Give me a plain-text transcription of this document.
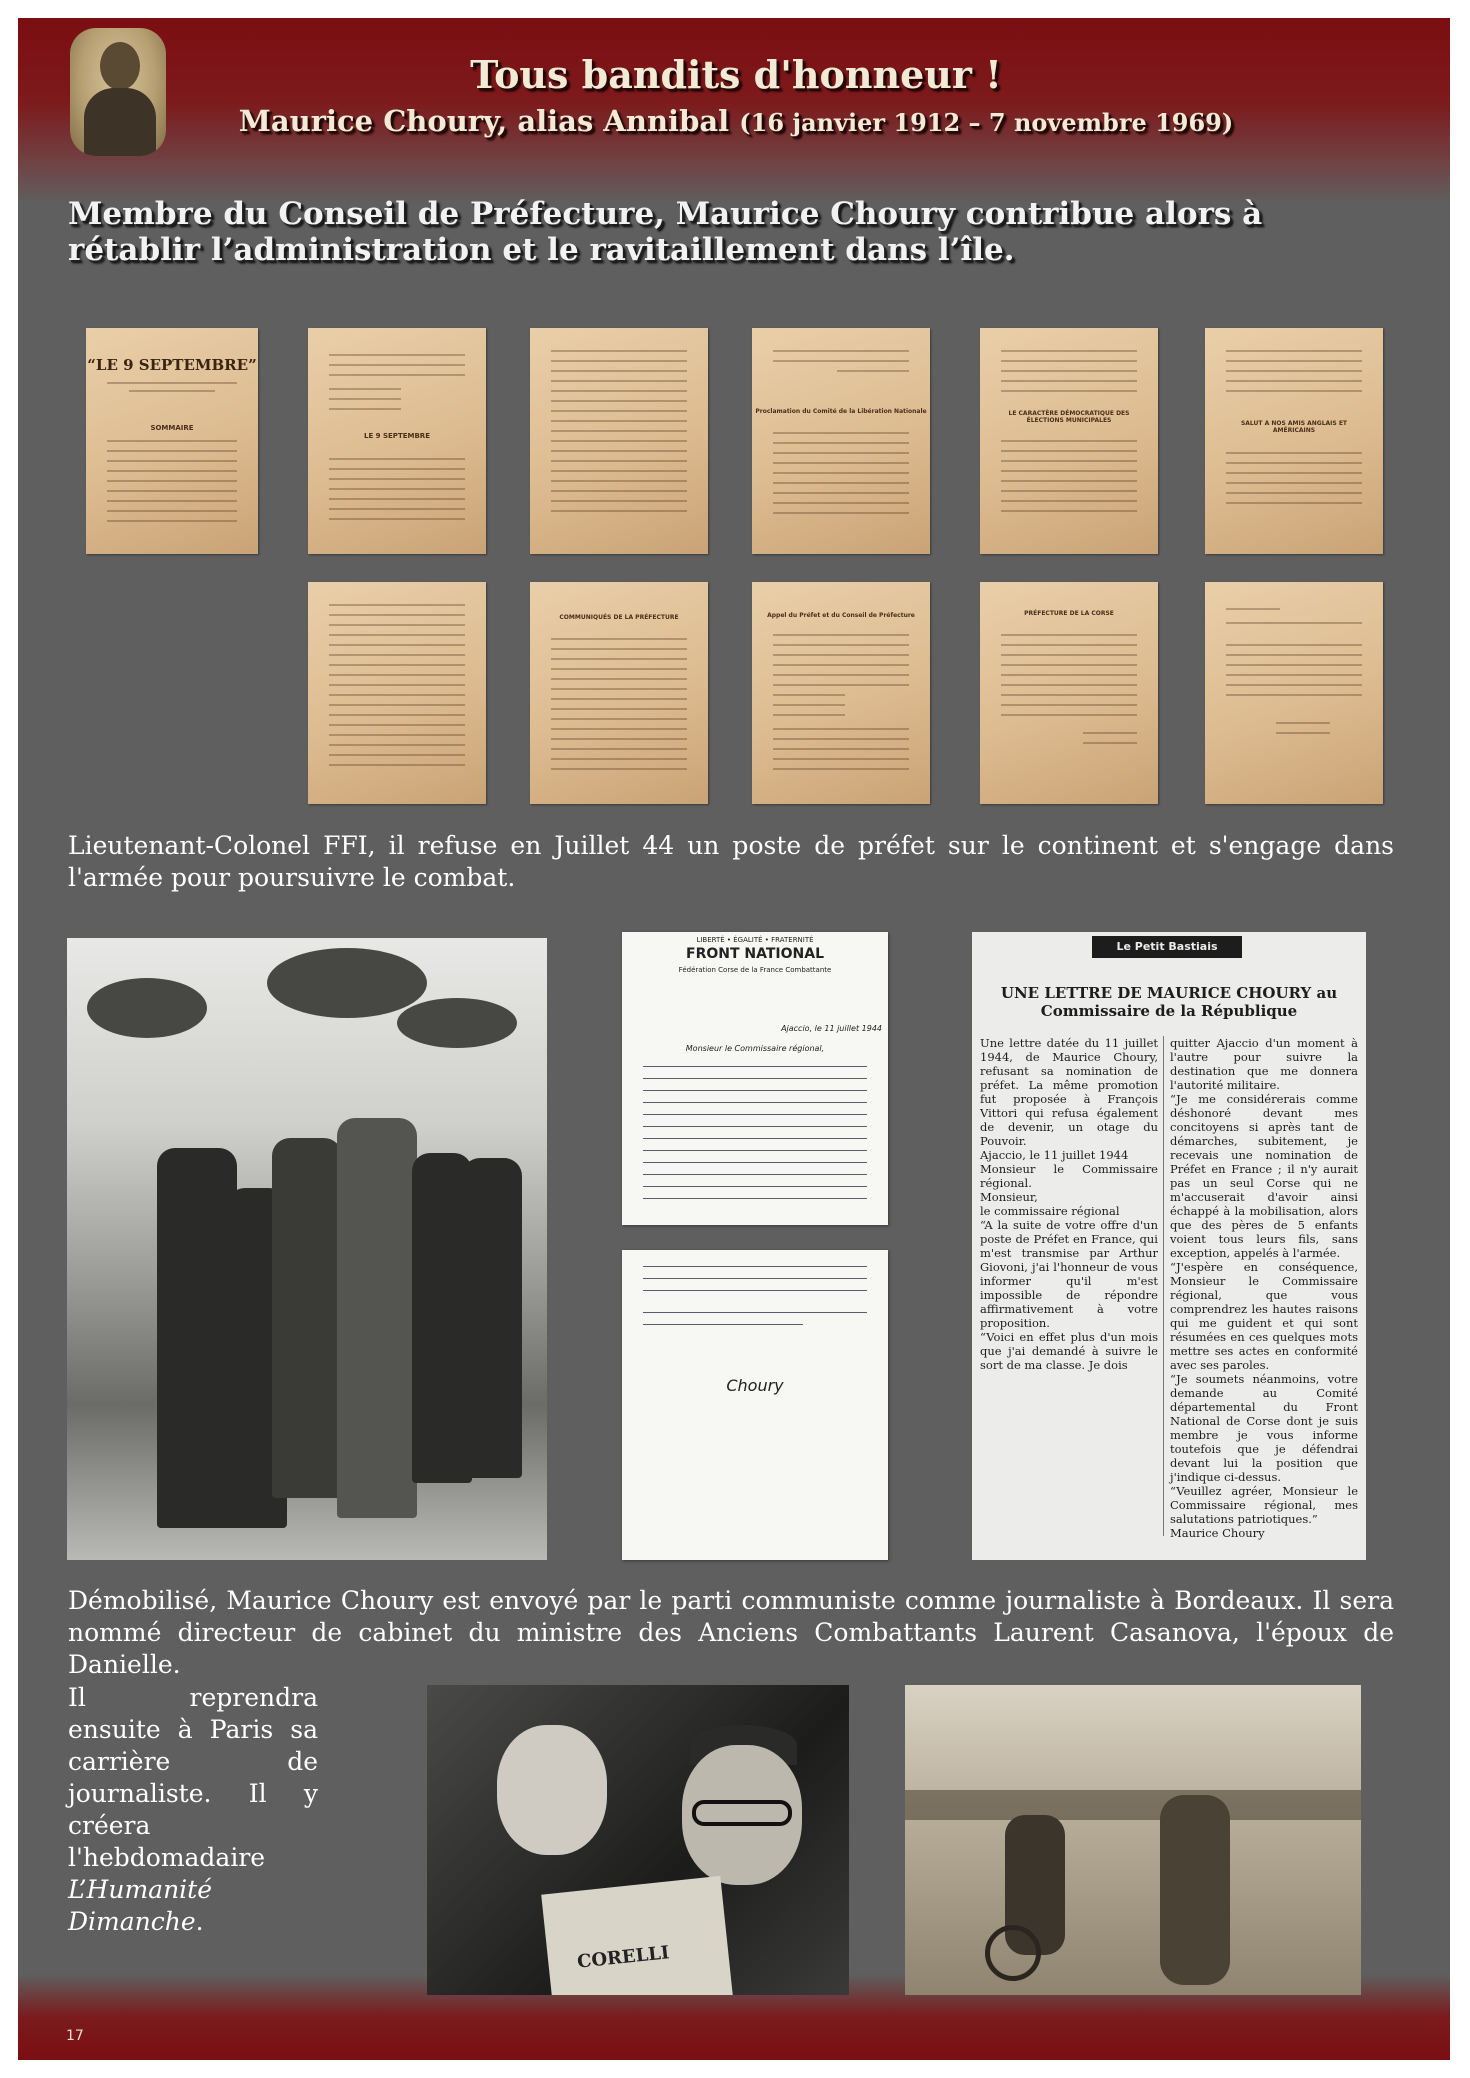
Tous bandits d'honneur !
Maurice Choury, alias Annibal (16 janvier 1912 – 7 novembre 1969)
Membre du Conseil de Préfecture, Maurice Choury contribue alors à rétablir l’administration et le ravitaillement dans l’île.
“LE 9 SEPTEMBRE”
SOMMAIRE
LE 9 SEPTEMBRE
Proclamation du Comité de la Libération Nationale	LE CARACTÈRE DÉMOCRATIQUE DES ÉLECTIONS MUNICIPALES	SALUT A NOS AMIS ANGLAIS ET AMÉRICAINS
COMMUNIQUÉS DE LA PRÉFECTURE	Appel du Préfet et du Conseil de Préfecture	PRÉFECTURE DE LA CORSE
Lieutenant-Colonel FFI, il refuse en Juillet 44 un poste de préfet sur le continent et s'engage dans l'armée pour poursuivre le combat.
LIBERTÉ • ÉGALITÉ • FRATERNITÉ
FRONT NATIONAL
Fédération Corse de la France Combattante
Ajaccio, le 11 juillet 1944
Monsieur le Commissaire régional,
Choury
Le Petit Bastiais
UNE LETTRE DE MAURICE CHOURY au Commissaire de la République
Une lettre datée du 11 juillet 1944, de Maurice Choury, refusant sa nomination de préfet. La même promotion fut proposée à François Vittori qui refusa également de devenir, un otage du Pouvoir.
Ajaccio, le 11 juillet 1944
Monsieur le Commissaire régional.
Monsieur,
le commissaire régional
“A la suite de votre offre d'un poste de Préfet en France, qui m'est transmise par Arthur Giovoni, j'ai l'honneur de vous informer qu'il m'est impossible de répondre affirmativement à votre proposition.
“Voici en effet plus d'un mois que j'ai demandé à suivre le sort de ma classe. Je dois
quitter Ajaccio d'un moment à l'autre pour suivre la destination que me donnera l'autorité militaire.
“Je me considérerais comme déshonoré devant mes concitoyens si après tant de démarches, subitement, je recevais une nomination de Préfet en France ; il n'y aurait pas un seul Corse qui ne m'accuserait d'avoir ainsi échappé à la mobilisation, alors que des pères de 5 enfants voient tous leurs fils, sans exception, appelés à l'armée.
“J'espère en conséquence, Monsieur le Commissaire régional, que vous comprendrez les hautes raisons qui me guident et qui sont résumées en ces quelques mots mettre ses actes en conformité avec ses paroles.
“Je soumets néanmoins, votre demande au Comité départemental du Front National de Corse dont je suis membre je vous informe toutefois que je défendrai devant lui la position que j'indique ci-dessus.
“Veuillez agréer, Monsieur le Commissaire régional, mes salutations patriotiques.”
Maurice Choury
Démobilisé, Maurice Choury est envoyé par le parti communiste comme journaliste à Bordeaux. Il sera nommé directeur de cabinet du ministre des Anciens Combattants Laurent Casanova, l'époux de Danielle.
Il reprendra ensuite à Paris sa carrière de journaliste. Il y créera l'hebdomadaire L’Humanité Dimanche.
CORELLI
17
